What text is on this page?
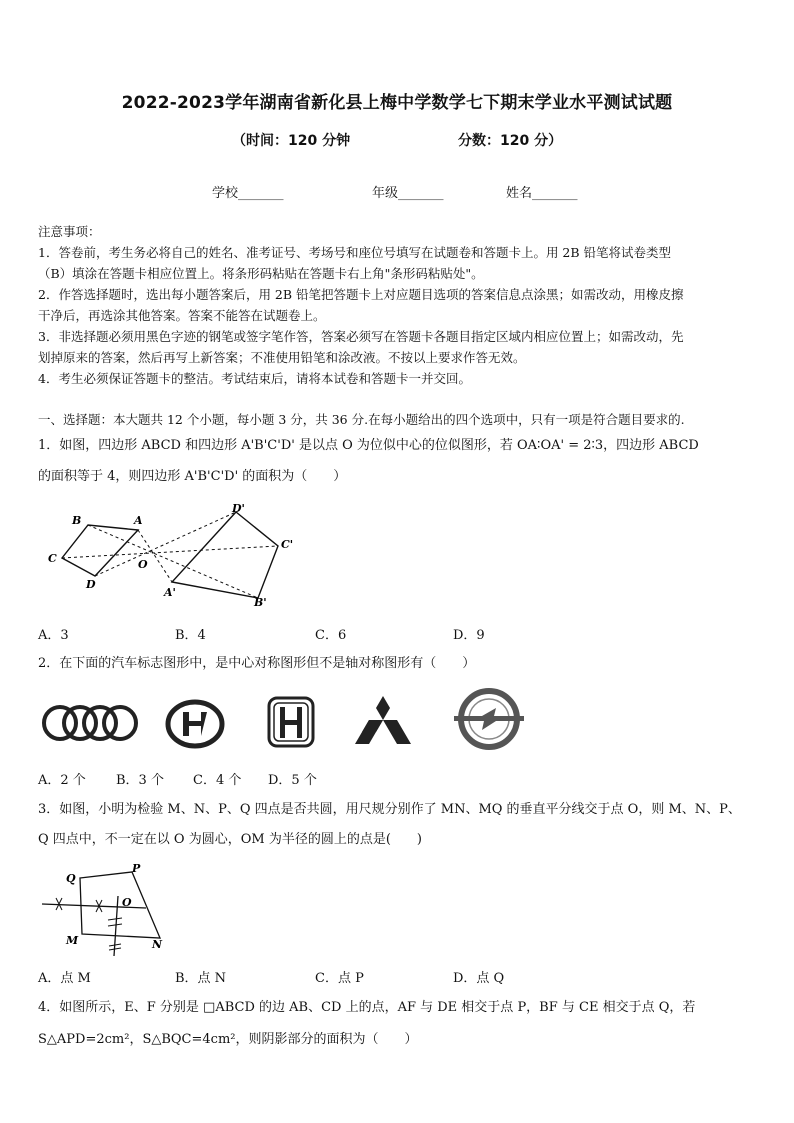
2022-2023学年湖南省新化县上梅中学数学七下期末学业水平测试试题
（时间：120 分钟	分数：120 分）
学校_______	年级_______	姓名_______
注意事项：
1．答卷前，考生务必将自己的姓名、准考证号、考场号和座位号填写在试题卷和答题卡上。用 2B 铅笔将试卷类型
（B）填涂在答题卡相应位置上。将条形码粘贴在答题卡右上角"条形码粘贴处"。
2．作答选择题时，选出每小题答案后，用 2B 铅笔把答题卡上对应题目选项的答案信息点涂黑；如需改动，用橡皮擦
干净后，再选涂其他答案。答案不能答在试题卷上。
3．非选择题必须用黑色字迹的钢笔或签字笔作答，答案必须写在答题卡各题目指定区域内相应位置上；如需改动，先
划掉原来的答案，然后再写上新答案；不准使用铅笔和涂改液。不按以上要求作答无效。
4．考生必须保证答题卡的整洁。考试结束后，请将本试卷和答题卡一并交回。
一、选择题：本大题共 12 个小题，每小题 3 分，共 36 分.在每小题给出的四个选项中，只有一项是符合题目要求的.
1．如图，四边形 ABCD 和四边形 A'B'C'D' 是以点 O 为位似中心的位似图形，若 OA∶OA' = 2∶3，四边形 ABCD
的面积等于 4，则四边形 A'B'C'D' 的面积为（　　）
B	A
C
D
O
D'
C'
A'
B'
A．3	B．4	C．6	D．9
2．在下面的汽车标志图形中，是中心对称图形但不是轴对称图形有（　　）
A．2 个 B．3 个 C．4 个 D．5 个
3．如图，小明为检验 M、N、P、Q 四点是否共圆，用尺规分别作了 MN、MQ 的垂直平分线交于点 O，则 M、N、P、
Q 四点中，不一定在以 O 为圆心，OM 为半径的圆上的点是(　　)
Q
P
O
M	N
A．点 M	B．点 N	C．点 P	D．点 Q
4．如图所示，E、F 分别是 □ABCD 的边 AB、CD 上的点，AF 与 DE 相交于点 P，BF 与 CE 相交于点 Q，若
S△APD=2cm²，S△BQC=4cm²，则阴影部分的面积为（　　）
